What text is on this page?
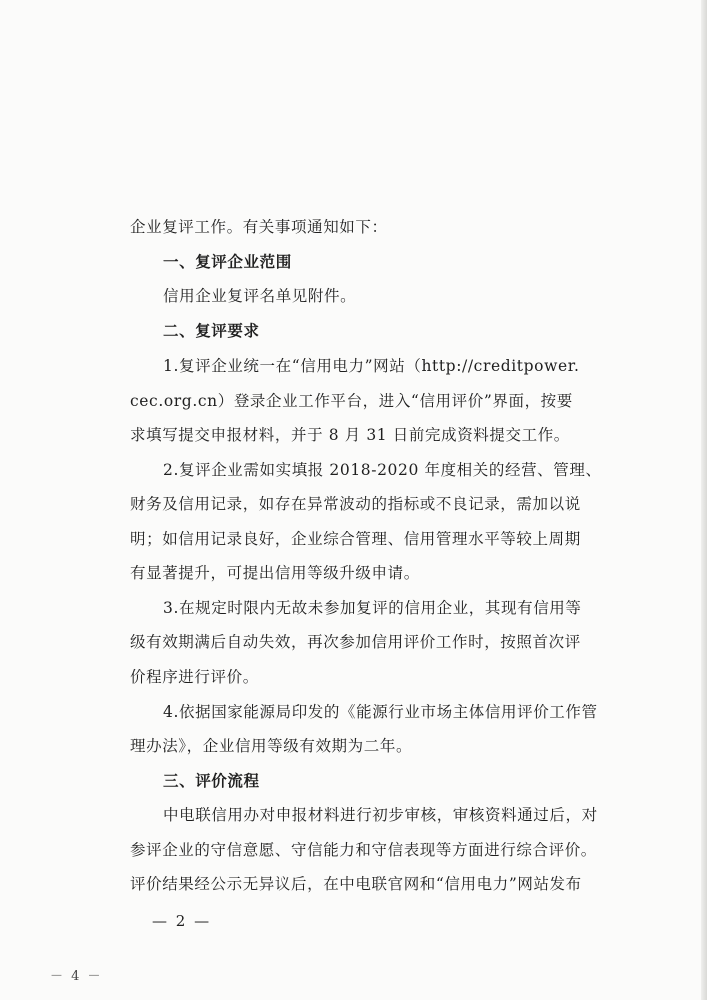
企业复评工作。有关事项通知如下：
一、复评企业范围
信用企业复评名单见附件。
二、复评要求
1.复评企业统一在“信用电力”网站（http://creditpower.
cec.org.cn）登录企业工作平台，进入“信用评价”界面，按要
求填写提交申报材料，并于 8 月 31 日前完成资料提交工作。
2.复评企业需如实填报 2018-2020 年度相关的经营、管理、
财务及信用记录，如存在异常波动的指标或不良记录，需加以说
明；如信用记录良好，企业综合管理、信用管理水平等较上周期
有显著提升，可提出信用等级升级申请。
3.在规定时限内无故未参加复评的信用企业，其现有信用等
级有效期满后自动失效，再次参加信用评价工作时，按照首次评
价程序进行评价。
4.依据国家能源局印发的《能源行业市场主体信用评价工作管
理办法》，企业信用等级有效期为二年。
三、评价流程
中电联信用办对申报材料进行初步审核，审核资料通过后，对
参评企业的守信意愿、守信能力和守信表现等方面进行综合评价。
评价结果经公示无异议后，在中电联官网和“信用电力”网站发布
— 2 —
－ 4 －
